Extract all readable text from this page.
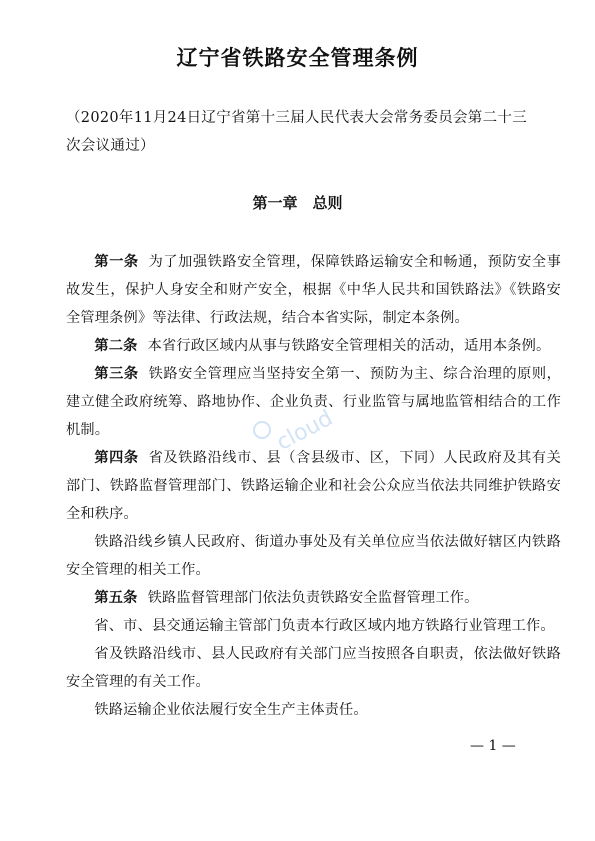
辽宁省铁路安全管理条例
（2020年11月24日辽宁省第十三届人民代表大会常务委员会第二十三次会议通过）
第一章　总则

第一条 为了加强铁路安全管理，保障铁路运输安全和畅通，预防安全事故发生，保护人身安全和财产安全，根据《中华人民共和国铁路法》《铁路安全管理条例》等法律、行政法规，结合本省实际，制定本条例。

第二条 本省行政区域内从事与铁路安全管理相关的活动，适用本条例。

第三条 铁路安全管理应当坚持安全第一、预防为主、综合治理的原则，建立健全政府统筹、路地协作、企业负责、行业监管与属地监管相结合的工作机制。

第四条 省及铁路沿线市、县（含县级市、区，下同）人民政府及其有关部门、铁路监督管理部门、铁路运输企业和社会公众应当依法共同维护铁路安全和秩序。

铁路沿线乡镇人民政府、街道办事处及有关单位应当依法做好辖区内铁路安全管理的相关工作。

第五条 铁路监督管理部门依法负责铁路安全监督管理工作。

省、市、县交通运输主管部门负责本行政区域内地方铁路行业管理工作。

省及铁路沿线市、县人民政府有关部门应当按照各自职责，依法做好铁路安全管理的有关工作。

铁路运输企业依法履行安全生产主体责任。

cloud
— 1 —
